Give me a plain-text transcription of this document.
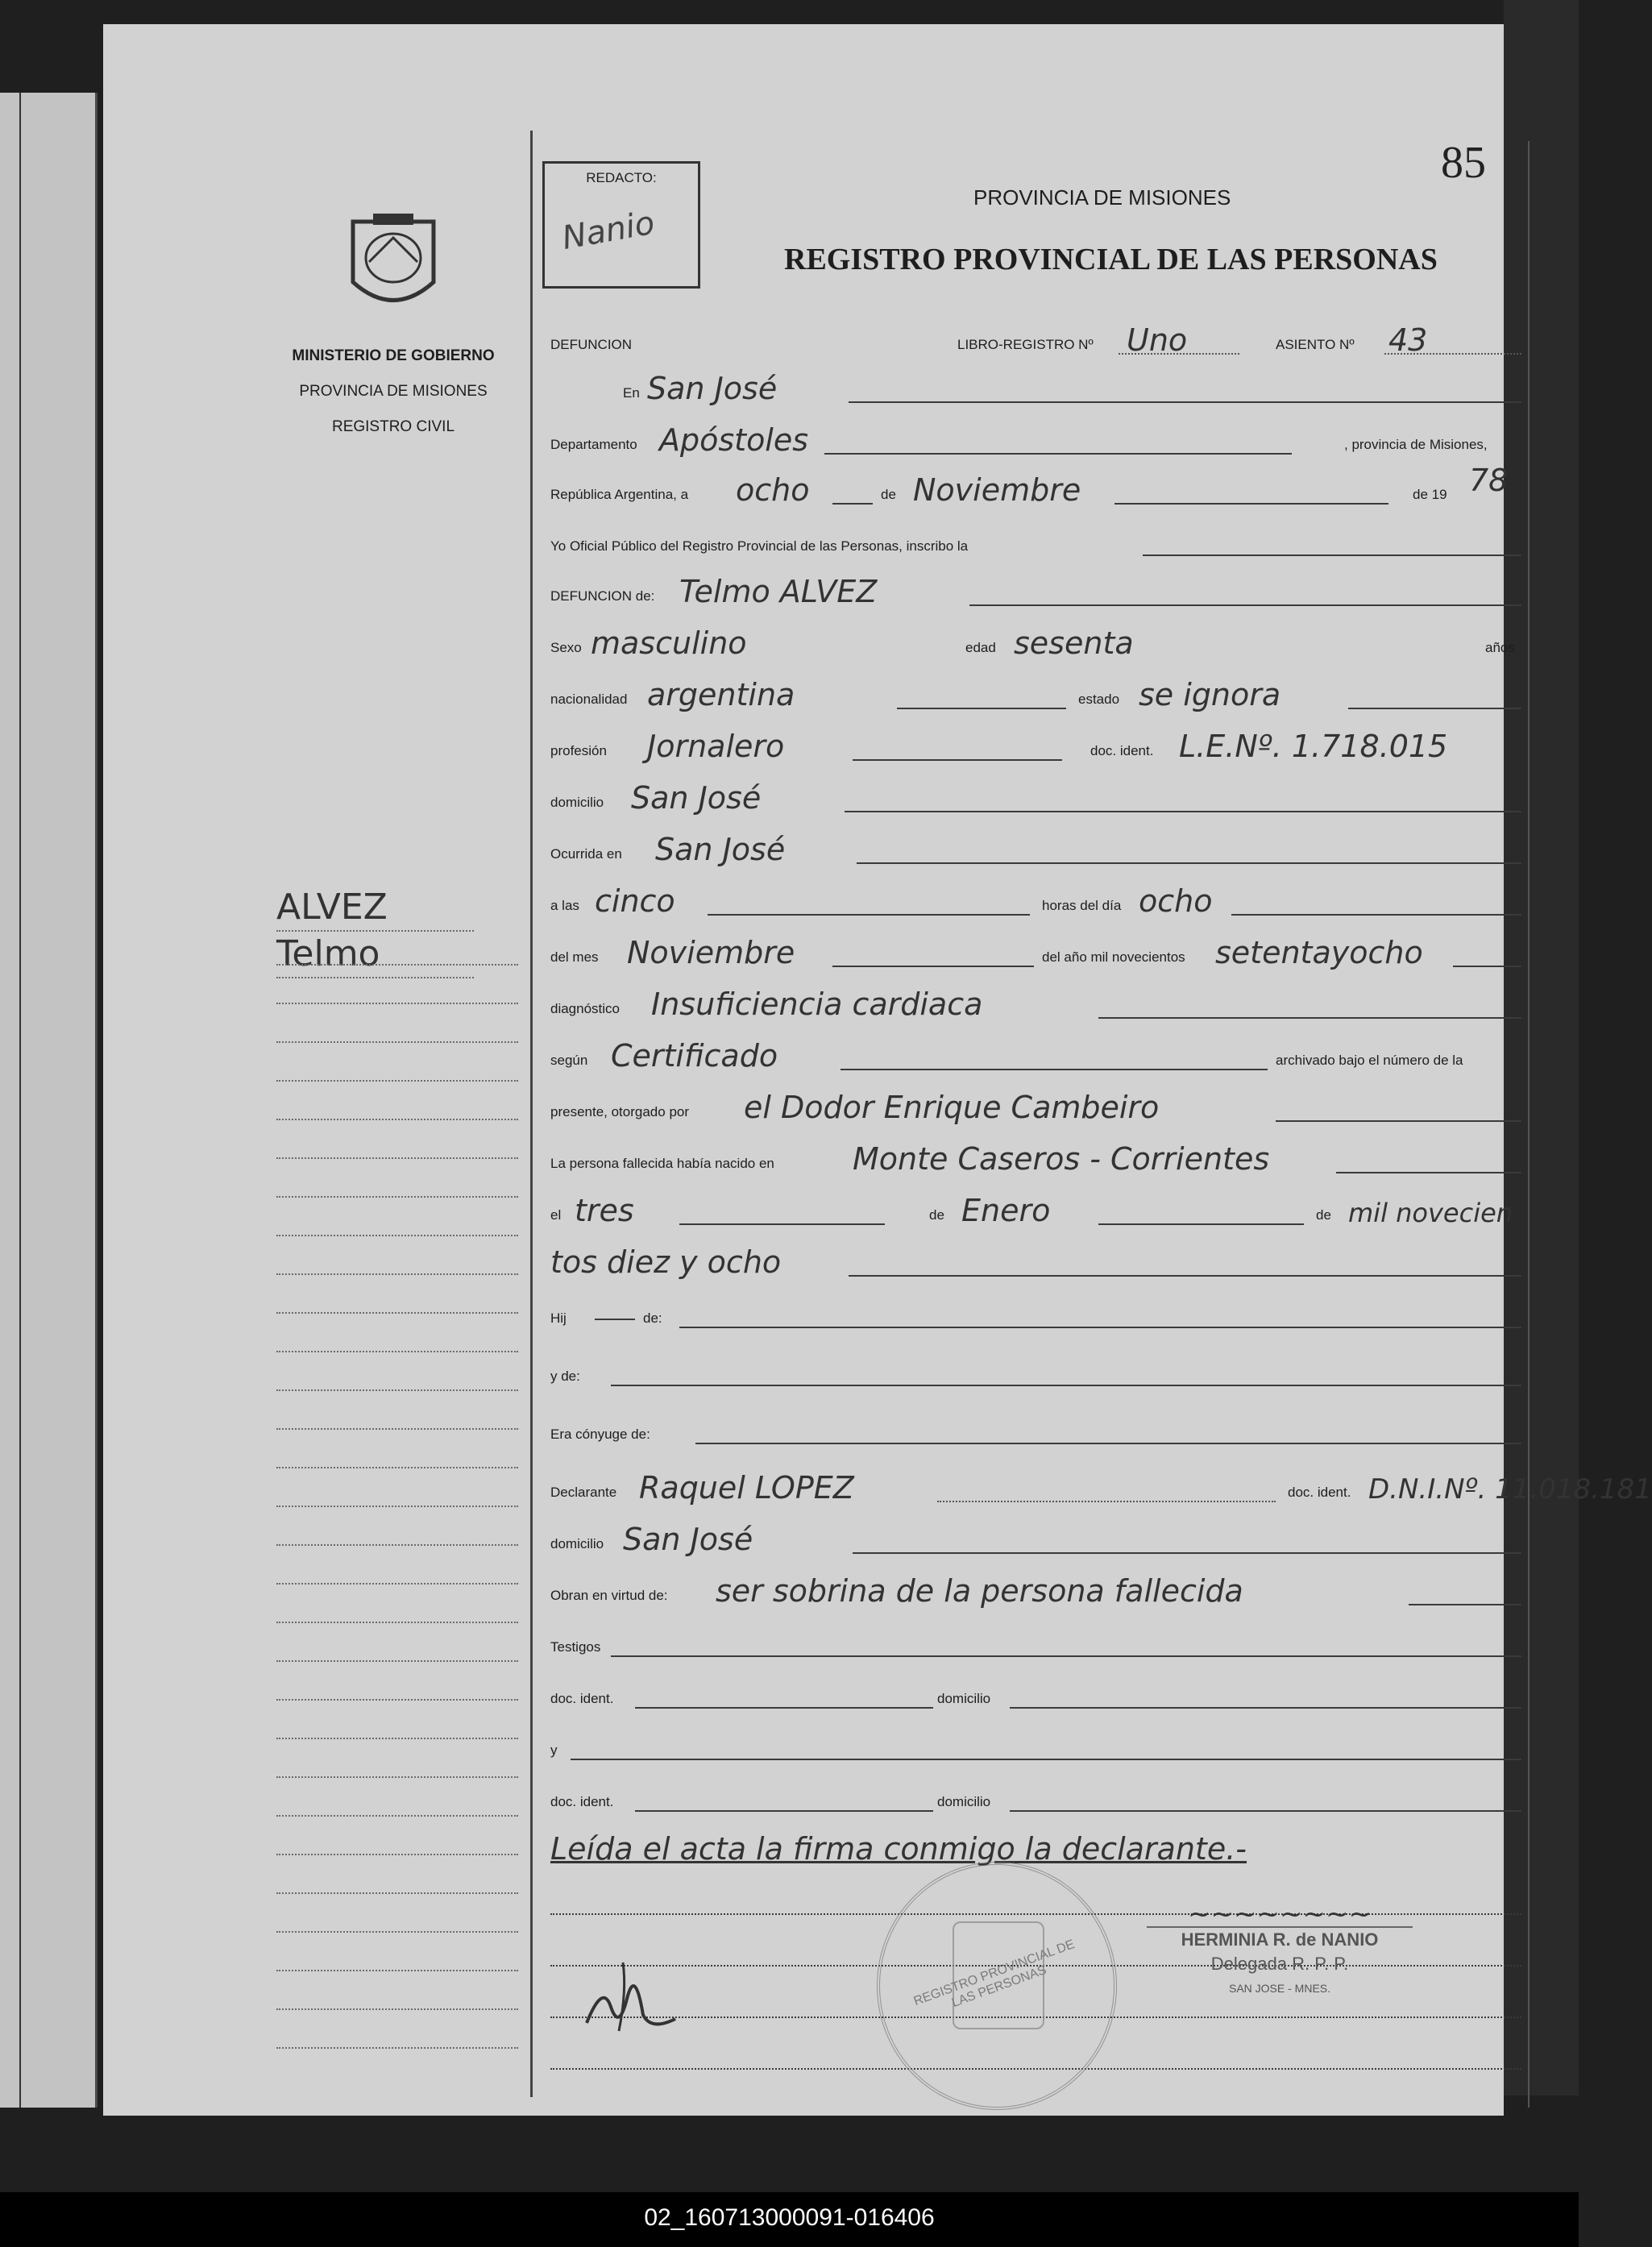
MINISTERIO DE GOBIERNO
PROVINCIA DE MISIONES
REGISTRO CIVIL
ALVEZ
Telmo
REDACTO:
Nanio
85
PROVINCIA DE MISIONES
REGISTRO PROVINCIAL DE LAS PERSONAS
DEFUNCION	LIBRO-REGISTRO Nº Uno	ASIENTO Nº 43
En San José
Departamento Apóstoles	, provincia de Misiones,
República Argentina, a ocho	de Noviembre	de 19 78
Yo Oficial Público del Registro Provincial de las Personas, inscribo la
DEFUNCION de: Telmo ALVEZ
Sexo masculino	edad sesenta	años
nacionalidad argentina	estado se ignora
profesión Jornalero	doc. ident. L.E.Nº. 1.718.015
domicilio San José
Ocurrida en San José
a las cinco	horas del día ocho
del mes Noviembre	del año mil novecientos setentayocho
diagnóstico Insuficiencia cardiaca
según Certificado	archivado bajo el número de la
presente, otorgado por el Dodor Enrique Cambeiro
La persona fallecida había nacido en	Monte Caseros - Corrientes
el tres	de Enero	de mil novecien
tos diez y ocho
Hij	de:
y de:
Era cónyuge de:
Declarante Raquel LOPEZ	doc. ident. D.N.I.Nº. 11.018.181
domicilio San José
Obran en virtud de: ser sobrina de la persona fallecida
Testigos
doc. ident.	domicilio
y
doc. ident.	domicilio
Leída el acta la firma conmigo la declarante.-
REGISTRO PROVINCIAL DE LAS PERSONAS
~~~~~~~~
HERMINIA R. de NANIO
Delegada R. P. P.
SAN JOSE - MNES.
02_160713000091-016406
